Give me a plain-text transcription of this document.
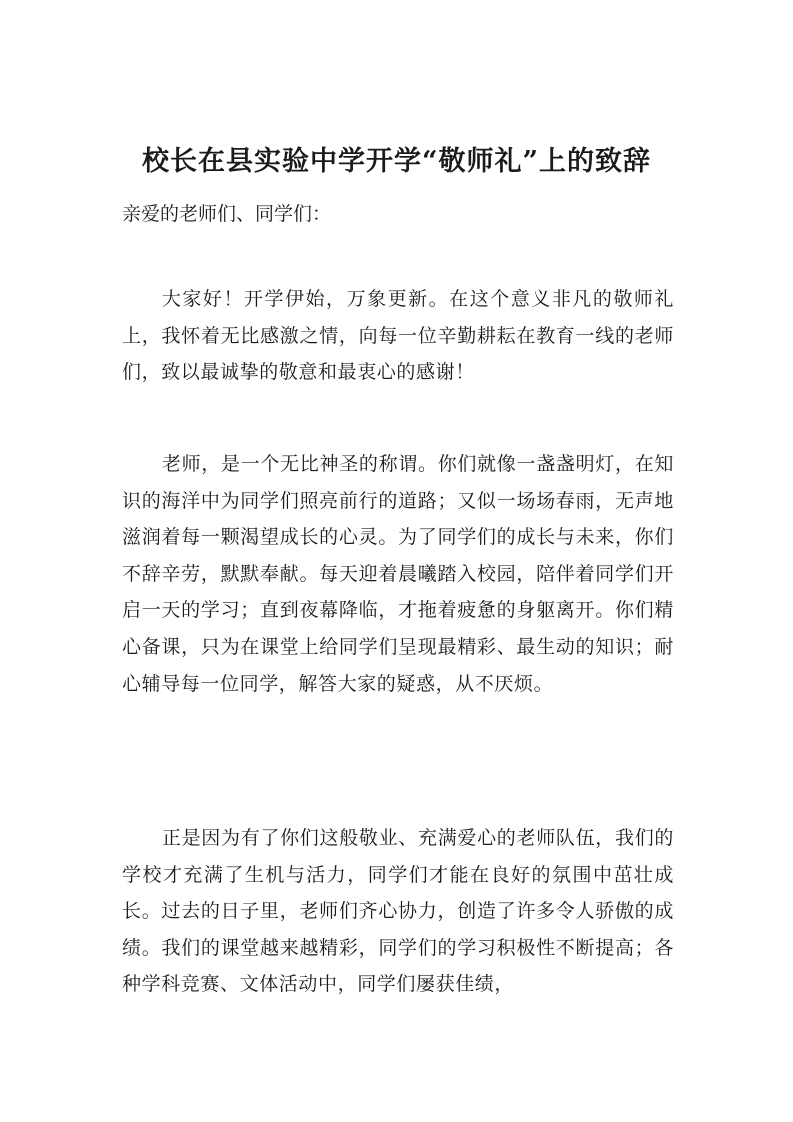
校长在县实验中学开学“敬师礼”上的致辞
亲爱的老师们、同学们：

大家好！开学伊始，万象更新。在这个意义非凡的敬师礼上，我怀着无比感激之情，向每一位辛勤耕耘在教育一线的老师们，致以最诚挚的敬意和最衷心的感谢！

老师，是一个无比神圣的称谓。你们就像一盏盏明灯，在知识的海洋中为同学们照亮前行的道路；又似一场场春雨，无声地滋润着每一颗渴望成长的心灵。为了同学们的成长与未来，你们不辞辛劳，默默奉献。每天迎着晨曦踏入校园，陪伴着同学们开启一天的学习；直到夜幕降临，才拖着疲惫的身躯离开。你们精心备课，只为在课堂上给同学们呈现最精彩、最生动的知识；耐心辅导每一位同学，解答大家的疑惑，从不厌烦。

正是因为有了你们这般敬业、充满爱心的老师队伍，我们的学校才充满了生机与活力，同学们才能在良好的氛围中茁壮成长。过去的日子里，老师们齐心协力，创造了许多令人骄傲的成绩。我们的课堂越来越精彩，同学们的学习积极性不断提高；各种学科竞赛、文体活动中，同学们屡获佳绩，
